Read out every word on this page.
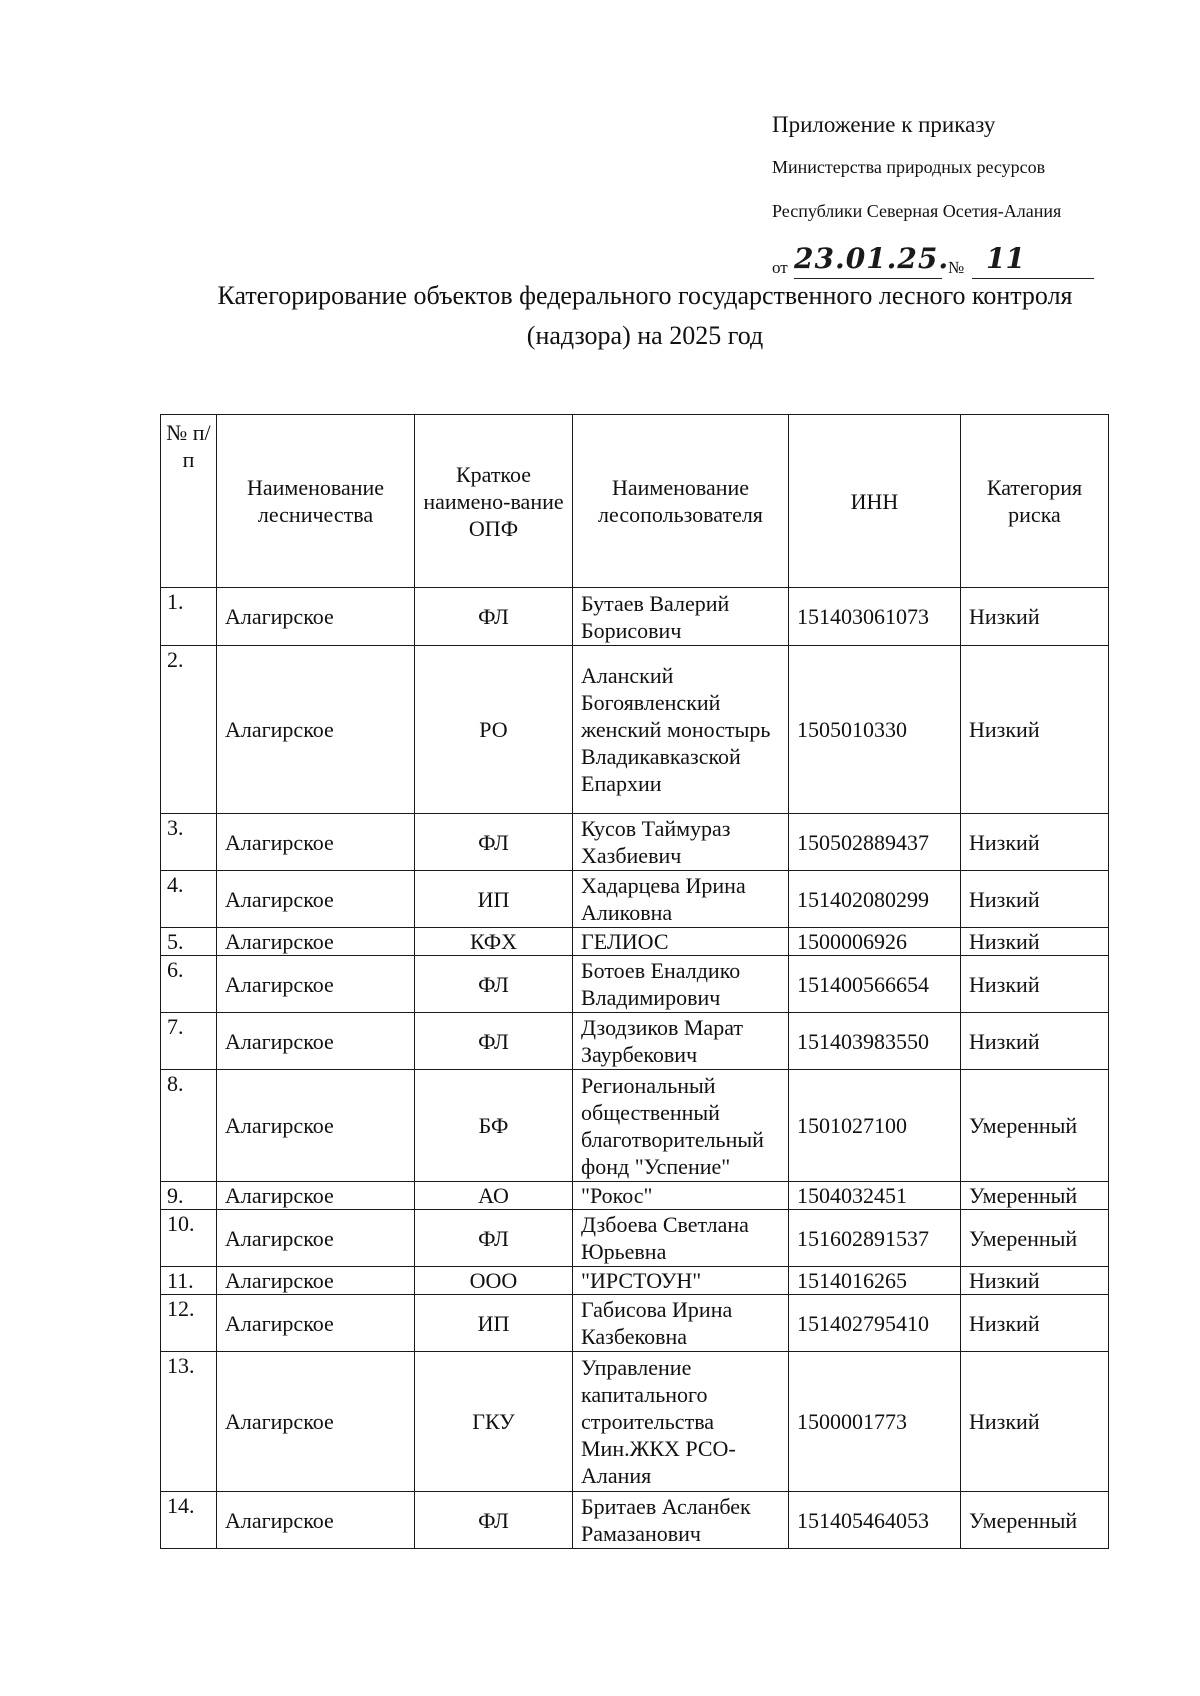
Приложение к приказу
Министерства природных ресурсов
Республики Северная Осетия-Алания
от 23.01.25.
№ 11
Категорирование объектов федерального государственного лесного контроля
(надзора) на 2025 год
№ п/п	Наименование лесничества	Краткое наимено-вание ОПФ	Наименование лесопользователя	ИНН	Категория риска
1.	Алагирское	ФЛ	Бутаев Валерий Борисович	151403061073	Низкий
2.	Алагирское	РО	Аланский Богоявленский женский моностырь Владикавказской Епархии	1505010330	Низкий
3.	Алагирское	ФЛ	Кусов Таймураз Хазбиевич	150502889437	Низкий
4.	Алагирское	ИП	Хадарцева Ирина Аликовна	151402080299	Низкий
5.	Алагирское	КФХ	ГЕЛИОС	1500006926	Низкий
6.	Алагирское	ФЛ	Ботоев Еналдико Владимирович	151400566654	Низкий
7.	Алагирское	ФЛ	Дзодзиков Марат Заурбекович	151403983550	Низкий
8.	Алагирское	БФ	Региональный общественный благотворительный фонд "Успение"	1501027100	Умеренный
9.	Алагирское	АО	"Рокос"	1504032451	Умеренный
10.	Алагирское	ФЛ	Дзбоева Светлана Юрьевна	151602891537	Умеренный
11.	Алагирское	ООО	"ИРСТОУН"	1514016265	Низкий
12.	Алагирское	ИП	Габисова Ирина Казбековна	151402795410	Низкий
13.	Алагирское	ГКУ	Управление капитального строительства Мин.ЖКХ РСО-Алания	1500001773	Низкий
14.	Алагирское	ФЛ	Бритаев Асланбек Рамазанович	151405464053	Умеренный
